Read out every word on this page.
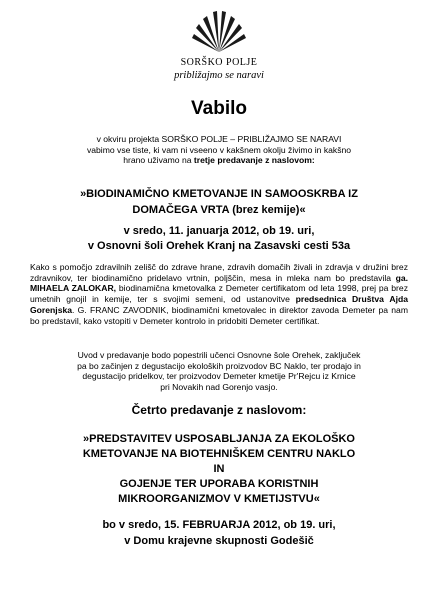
SORŠKO POLJE
približajmo se naravi
Vabilo
v okviru projekta SORŠKO POLJE – PRIBLIŽAJMO SE NARAVI
vabimo vse tiste, ki vam ni vseeno v kakšnem okolju živimo in kakšno
hrano uživamo na tretje predavanje z naslovom:
»BIODINAMIČNO KMETOVANJE IN SAMOOSKRBA IZ
DOMAČEGA VRTA (brez kemije)«
v sredo, 11. januarja 2012, ob 19. uri,
v Osnovni šoli Orehek Kranj na Zasavski cesti 53a
Kako s pomočjo zdravilnih zelišč do zdrave hrane, zdravih domačih živali in zdravja v družini brez zdravnikov, ter biodinamično pridelavo vrtnin, poljščin, mesa in mleka nam bo predstavila ga. MIHAELA ZALOKAR, biodinamična kmetovalka z Demeter certifikatom od leta 1998, prej pa brez umetnih gnojil in kemije, ter s svojimi semeni, od ustanovitve predsednica Društva Ajda Gorenjska. G. FRANC ZAVODNIK, biodinamični kmetovalec in direktor zavoda Demeter pa nam bo predstavil, kako vstopiti v Demeter kontrolo in pridobiti Demeter certifikat.
Uvod v predavanje bodo popestrili učenci Osnovne šole Orehek, zaključek
pa bo začinjen z degustacijo ekoloških proizvodov BC Naklo, ter prodajo in
degustacijo pridelkov, ter proizvodov Demeter kmetije Pr'Rejcu iz Krnice
pri Novakih nad Gorenjo vasjo.
Četrto predavanje z naslovom:
»PREDSTAVITEV USPOSABLJANJA ZA EKOLOŠKO
KMETOVANJE NA BIOTEHNIŠKEM CENTRU NAKLO
IN
GOJENJE TER UPORABA KORISTNIH
MIKROORGANIZMOV V KMETIJSTVU«
bo v sredo, 15. FEBRUARJA 2012, ob 19. uri,
v Domu krajevne skupnosti Godešič
